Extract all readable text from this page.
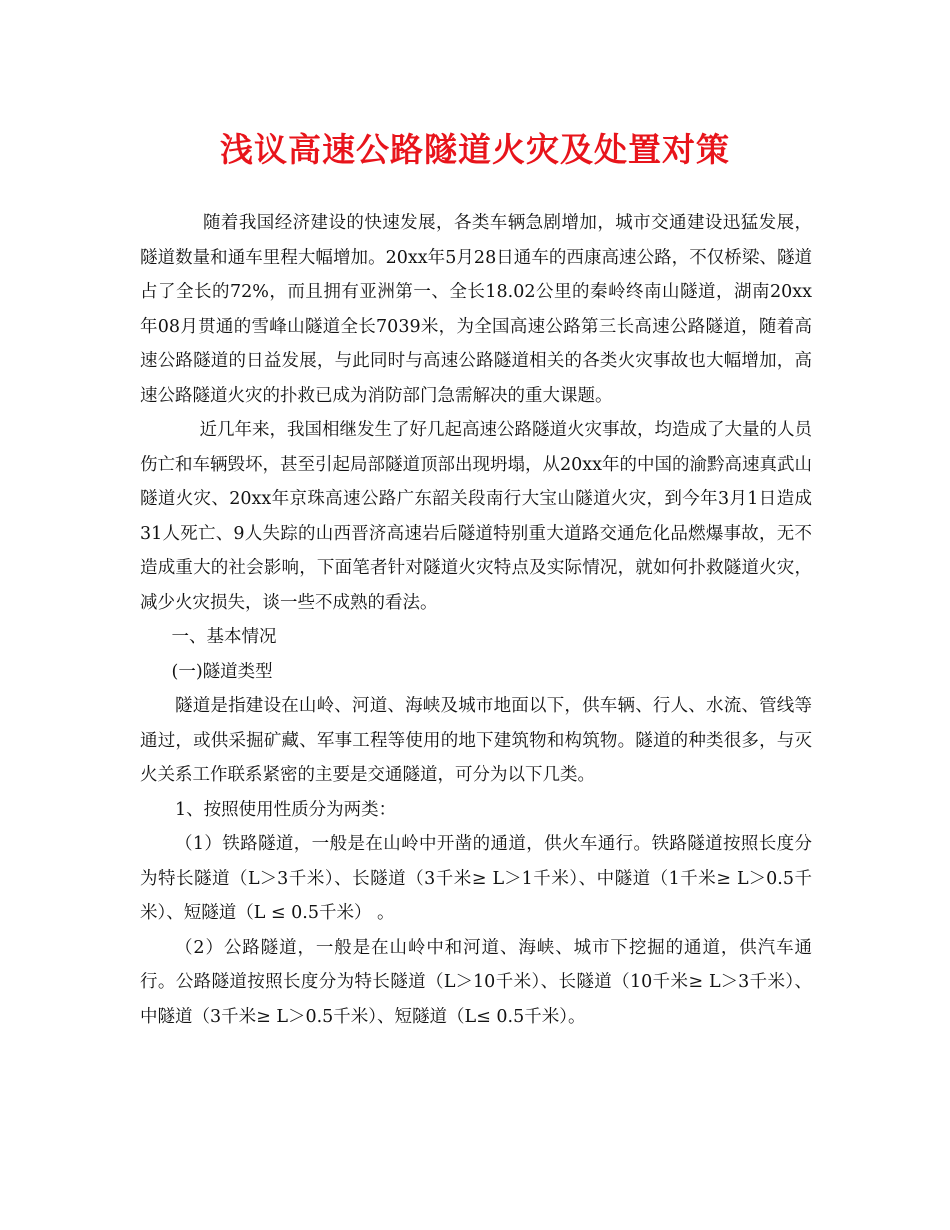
浅议高速公路隧道火灾及处置对策

随着我国经济建设的快速发展，各类车辆急剧增加，城市交通建设迅猛发展，隧道数量和通车里程大幅增加。20xx年5月28日通车的西康高速公路，不仅桥梁、隧道占了全长的72%，而且拥有亚洲第一、全长18.02公里的秦岭终南山隧道，湖南20xx年08月贯通的雪峰山隧道全长7039米，为全国高速公路第三长高速公路隧道，随着高速公路隧道的日益发展，与此同时与高速公路隧道相关的各类火灾事故也大幅增加，高速公路隧道火灾的扑救已成为消防部门急需解决的重大课题。

近几年来，我国相继发生了好几起高速公路隧道火灾事故，均造成了大量的人员伤亡和车辆毁坏，甚至引起局部隧道顶部出现坍塌，从20xx年的中国的渝黔高速真武山隧道火灾、20xx年京珠高速公路广东韶关段南行大宝山隧道火灾，到今年3月1日造成31人死亡、9人失踪的山西晋济高速岩后隧道特别重大道路交通危化品燃爆事故，无不造成重大的社会影响，下面笔者针对隧道火灾特点及实际情况，就如何扑救隧道火灾，减少火灾损失，谈一些不成熟的看法。

一、基本情况

(一)隧道类型

隧道是指建设在山岭、河道、海峡及城市地面以下，供车辆、行人、水流、管线等通过，或供采掘矿藏、军事工程等使用的地下建筑物和构筑物。隧道的种类很多，与灭火关系工作联系紧密的主要是交通隧道，可分为以下几类。

1、按照使用性质分为两类：

（1）铁路隧道，一般是在山岭中开凿的通道，供火车通行。铁路隧道按照长度分为特长隧道（L＞3千米）、长隧道（3千米≥ L＞1千米）、中隧道（1千米≥ L＞0.5千米）、短隧道（L ≤ 0.5千米） 。

（2）公路隧道，一般是在山岭中和河道、海峡、城市下挖掘的通道，供汽车通行。公路隧道按照长度分为特长隧道（L＞10千米）、长隧道（10千米≥ L＞3千米）、中隧道（3千米≥ L＞0.5千米）、短隧道（L≤ 0.5千米）。
